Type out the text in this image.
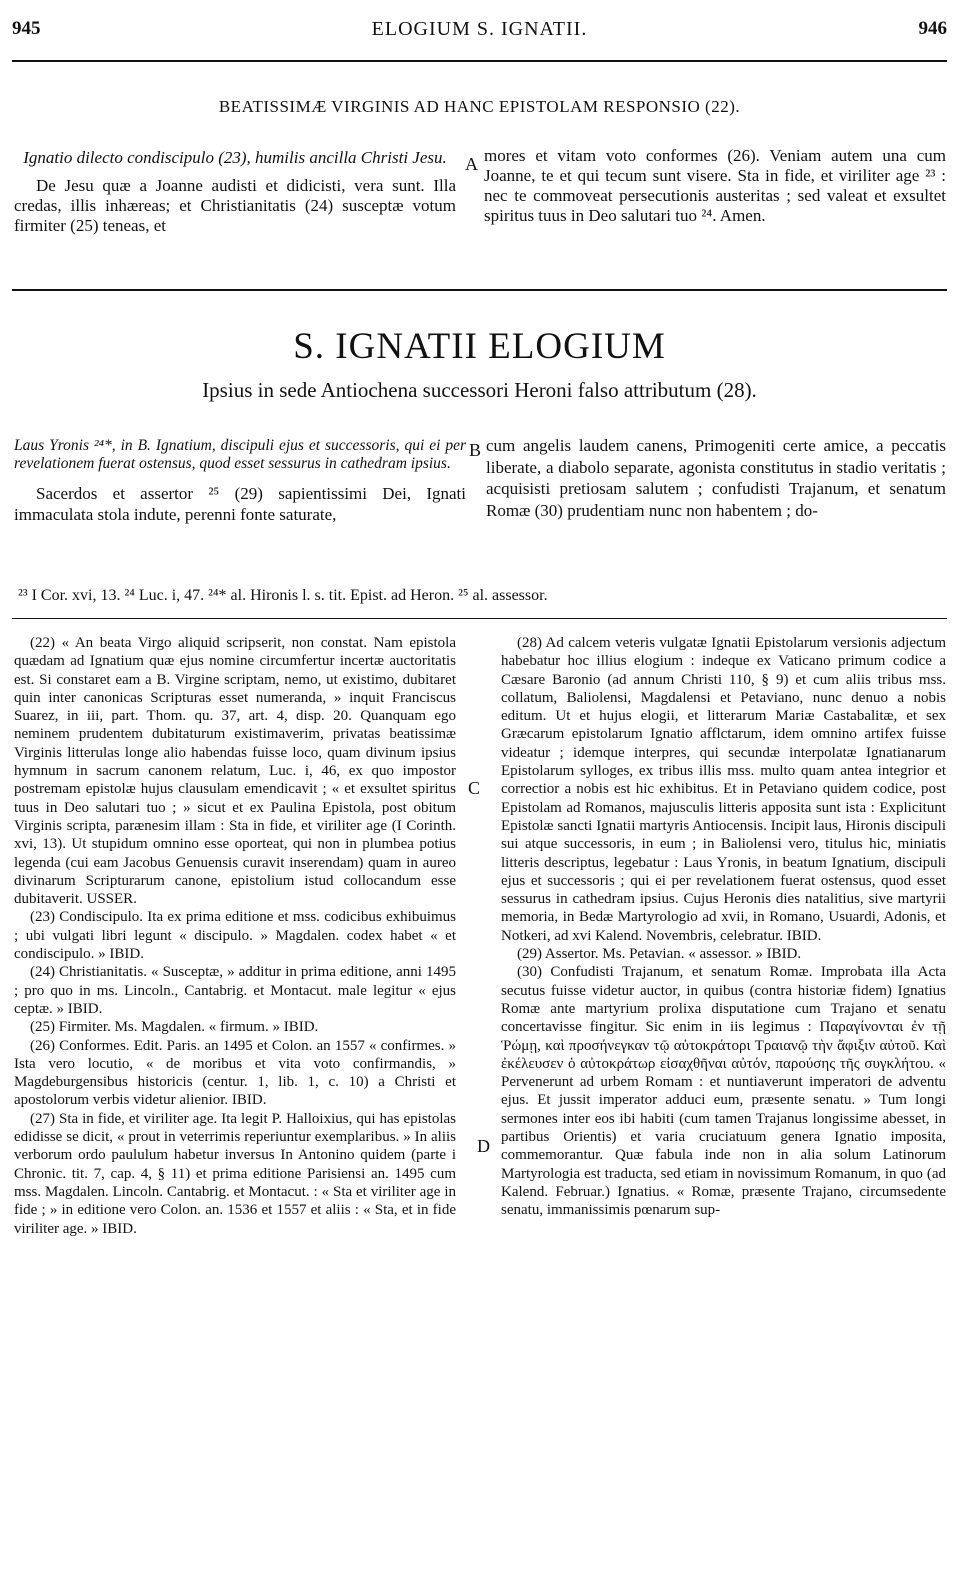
945	ELOGIUM S. IGNATII.	946
BEATISSIMÆ VIRGINIS AD HANC EPISTOLAM RESPONSIO (22).

Ignatio dilecto condiscipulo (23), humilis ancilla Christi Jesu.

De Jesu quæ a Joanne audisti et didicisti, vera sunt. Illa credas, illis inhæreas; et Christianitatis (24) susceptæ votum firmiter (25) teneas, et

A mores et vitam voto conformes (26). Veniam autem una cum Joanne, te et qui tecum sunt visere. Sta in fide, et viriliter age ²³ : nec te commoveat persecutionis austeritas ; sed valeat et exsultet spiritus tuus in Deo salutari tuo ²⁴. Amen.

S. IGNATII ELOGIUM
Ipsius in sede Antiochena successori Heroni falso attributum (28).

Laus Yronis ²⁴*, in B. Ignatium, discipuli ejus et successoris, qui ei per revelationem fuerat ostensus, quod esset sessurus in cathedram ipsius.

Sacerdos et assertor ²⁵ (29) sapientissimi Dei, Ignati immaculata stola indute, perenni fonte saturate,

B cum angelis laudem canens, Primogeniti certe amice, a peccatis liberate, a diabolo separate, agonista constitutus in stadio veritatis ; acquisisti pretiosam salutem ; confudisti Trajanum, et senatum Romæ (30) prudentiam nunc non habentem ; do-

²³ I Cor. xvi, 13. ²⁴ Luc. i, 47. ²⁴* al. Hironis l. s. tit. Epist. ad Heron. ²⁵ al. assessor.

(22) « An beata Virgo aliquid scripserit, non constat. Nam epistola quædam ad Ignatium quæ ejus nomine circumfertur incertæ auctoritatis est. Si constaret eam a B. Virgine scriptam, nemo, ut existimo, dubitaret quin inter canonicas Scripturas esset numeranda, » inquit Franciscus Suarez, in iii, part. Thom. qu. 37, art. 4, disp. 20. Quanquam ego neminem prudentem dubitaturum existimaverim, privatas beatissimæ Virginis litterulas longe alio habendas fuisse loco, quam divinum ipsius hymnum in sacrum canonem relatum, Luc. i, 46, ex quo impostor postremam epistolæ hujus clausulam emendicavit ; « et exsultet spiritus tuus in Deo salutari tuo ; » sicut et ex Paulina Epistola, post obitum Virginis scripta, parænesim illam : Sta in fide, et viriliter age (I Corinth. xvi, 13). Ut stupidum omnino esse oporteat, qui non in plumbea potius legenda (cui eam Jacobus Genuensis curavit inserendam) quam in aureo divinarum Scripturarum canone, epistolium istud collocandum esse dubitaverit. USSER.

(23) Condiscipulo. Ita ex prima editione et mss. codicibus exhibuimus ; ubi vulgati libri legunt « discipulo. » Magdalen. codex habet « et condiscipulo. » IBID.

(24) Christianitatis. « Susceptæ, » additur in prima editione, anni 1495 ; pro quo in ms. Lincoln., Cantabrig. et Montacut. male legitur « ejus ceptæ. » IBID.

(25) Firmiter. Ms. Magdalen. « firmum. » IBID.

(26) Conformes. Edit. Paris. an 1495 et Colon. an 1557 « confirmes. » Ista vero locutio, « de moribus et vita voto confirmandis, » Magdeburgensibus historicis (centur. 1, lib. 1, c. 10) a Christi et apostolorum verbis videtur alienior. IBID.

(27) Sta in fide, et viriliter age. Ita legit P. Halloixius, qui has epistolas edidisse se dicit, « prout in veterrimis reperiuntur exemplaribus. » In aliis verborum ordo paululum habetur inversus In Antonino quidem (parte i Chronic. tit. 7, cap. 4, § 11) et prima editione Parisiensi an. 1495 cum mss. Magdalen. Lincoln. Cantabrig. et Montacut. : « Sta et viriliter age in fide ; » in editione vero Colon. an. 1536 et 1557 et aliis : « Sta, et in fide viriliter age. » IBID.

C
D

(28) Ad calcem veteris vulgatæ Ignatii Epistolarum versionis adjectum habebatur hoc illius elogium : indeque ex Vaticano primum codice a Cæsare Baronio (ad annum Christi 110, § 9) et cum aliis tribus mss. collatum, Baliolensi, Magdalensi et Petaviano, nunc denuo a nobis editum. Ut et hujus elogii, et litterarum Mariæ Castabalitæ, et sex Græcarum epistolarum Ignatio afflctarum, idem omnino artifex fuisse videatur ; idemque interpres, qui secundæ interpolatæ Ignatianarum Epistolarum sylloges, ex tribus illis mss. multo quam antea integrior et correctior a nobis est hic exhibitus. Et in Petaviano quidem codice, post Epistolam ad Romanos, majusculis litteris apposita sunt ista : Explicitunt Epistolæ sancti Ignatii martyris Antiocensis. Incipit laus, Hironis discipuli sui atque successoris, in eum ; in Baliolensi vero, titulus hic, miniatis litteris descriptus, legebatur : Laus Yronis, in beatum Ignatium, discipuli ejus et successoris ; qui ei per revelationem fuerat ostensus, quod esset sessurus in cathedram ipsius. Cujus Heronis dies natalitius, sive martyrii memoria, in Bedæ Martyrologio ad xvii, in Romano, Usuardi, Adonis, et Notkeri, ad xvi Kalend. Novembris, celebratur. IBID.

(29) Assertor. Ms. Petavian. « assessor. » IBID.

(30) Confudisti Trajanum, et senatum Romæ. Improbata illa Acta secutus fuisse videtur auctor, in quibus (contra historiæ fidem) Ignatius Romæ ante martyrium prolixa disputatione cum Trajano et senatu concertavisse fingitur. Sic enim in iis legimus : Παραγίνονται ἐν τῇ Ῥώμῃ, καὶ προσήνεγκαν τῷ αὐτοκράτορι Τραιανῷ τὴν ἄφιξιν αὐτοῦ. Καὶ ἐκέλευσεν ὁ αὐτοκράτωρ εἰσαχθῆναι αὐτόν, παρούσης τῆς συγκλήτου. « Pervenerunt ad urbem Romam : et nuntiaverunt imperatori de adventu ejus. Et jussit imperator adduci eum, præsente senatu. » Tum longi sermones inter eos ibi habiti (cum tamen Trajanus longissime abesset, in partibus Orientis) et varia cruciatuum genera Ignatio imposita, commemorantur. Quæ fabula inde non in alia solum Latinorum Martyrologia est traducta, sed etiam in novissimum Romanum, in quo (ad Kalend. Februar.) Ignatius. « Romæ, præsente Trajano, circumsedente senatu, immanissimis pœnarum sup-
